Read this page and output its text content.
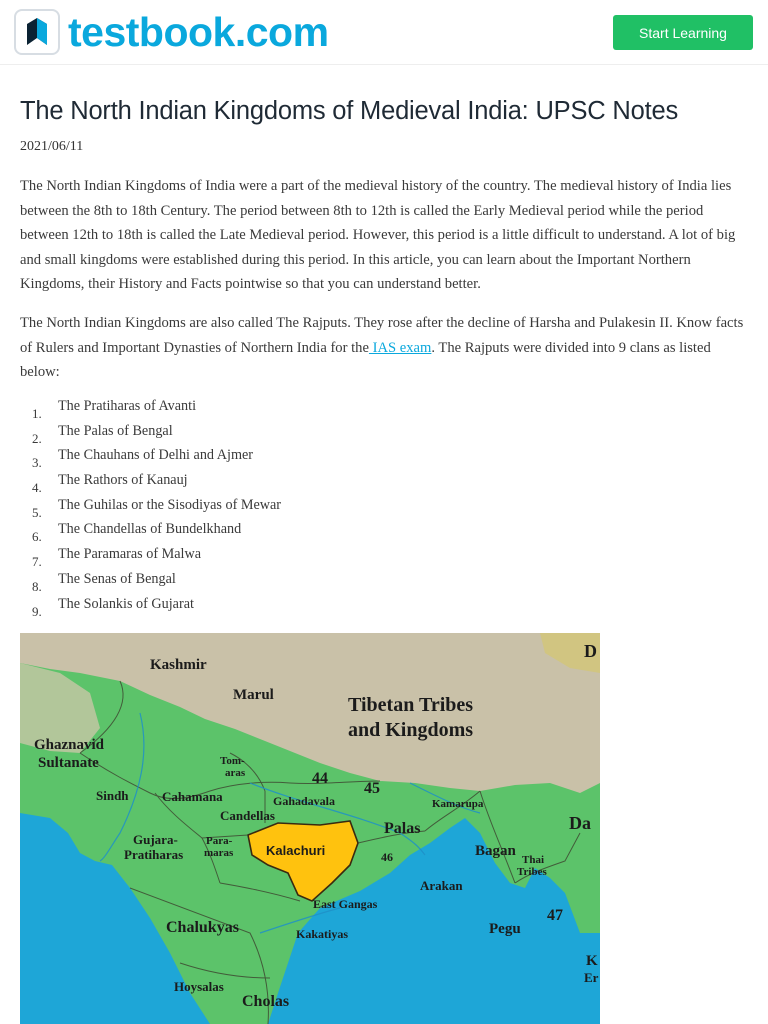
testbook.com	Start Learning
The North Indian Kingdoms of Medieval India: UPSC Notes
2021/06/11

The North Indian Kingdoms of India were a part of the medieval history of the country. The medieval history of India lies between the 8th to 18th Century. The period between 8th to 12th is called the Early Medieval period while the period between 12th to 18th is called the Late Medieval period. However, this period is a little difficult to understand. A lot of big and small kingdoms were established during this period. In this article, you can learn about the Important Northern Kingdoms, their History and Facts pointwise so that you can understand better.

The North Indian Kingdoms are also called The Rajputs. They rose after the decline of Harsha and Pulakesin II. Know facts of Rulers and Important Dynasties of Northern India for the IAS exam. The Rajputs were divided into 9 clans as listed below:

1. The Pratiharas of Avanti
2. The Palas of Bengal
3. The Chauhans of Delhi and Ajmer
4. The Rathors of Kanauj
5. The Guhilas or the Sisodiyas of Mewar
6. The Chandellas of Bundelkhand
7. The Paramaras of Malwa
8. The Senas of Bengal
9. The Solankis of Gujarat
Kashmir
Marul	Tibetan Tribes
and Kingdoms
Ghaznavid
Sultanate	Tom-
aras	44
45
Sindh	Cahamana	Gahadavala	Kamarupa
Candellas
Gujara-
Pratiharas
Para-
maras	Kalachuri
Palas
46	Bagan
Thai
Tribes
Arakan
East Gangas
Chalukyas	Kakatiyas	Pegu
47
Hoysalas
Cholas
D
Da
K
Er
